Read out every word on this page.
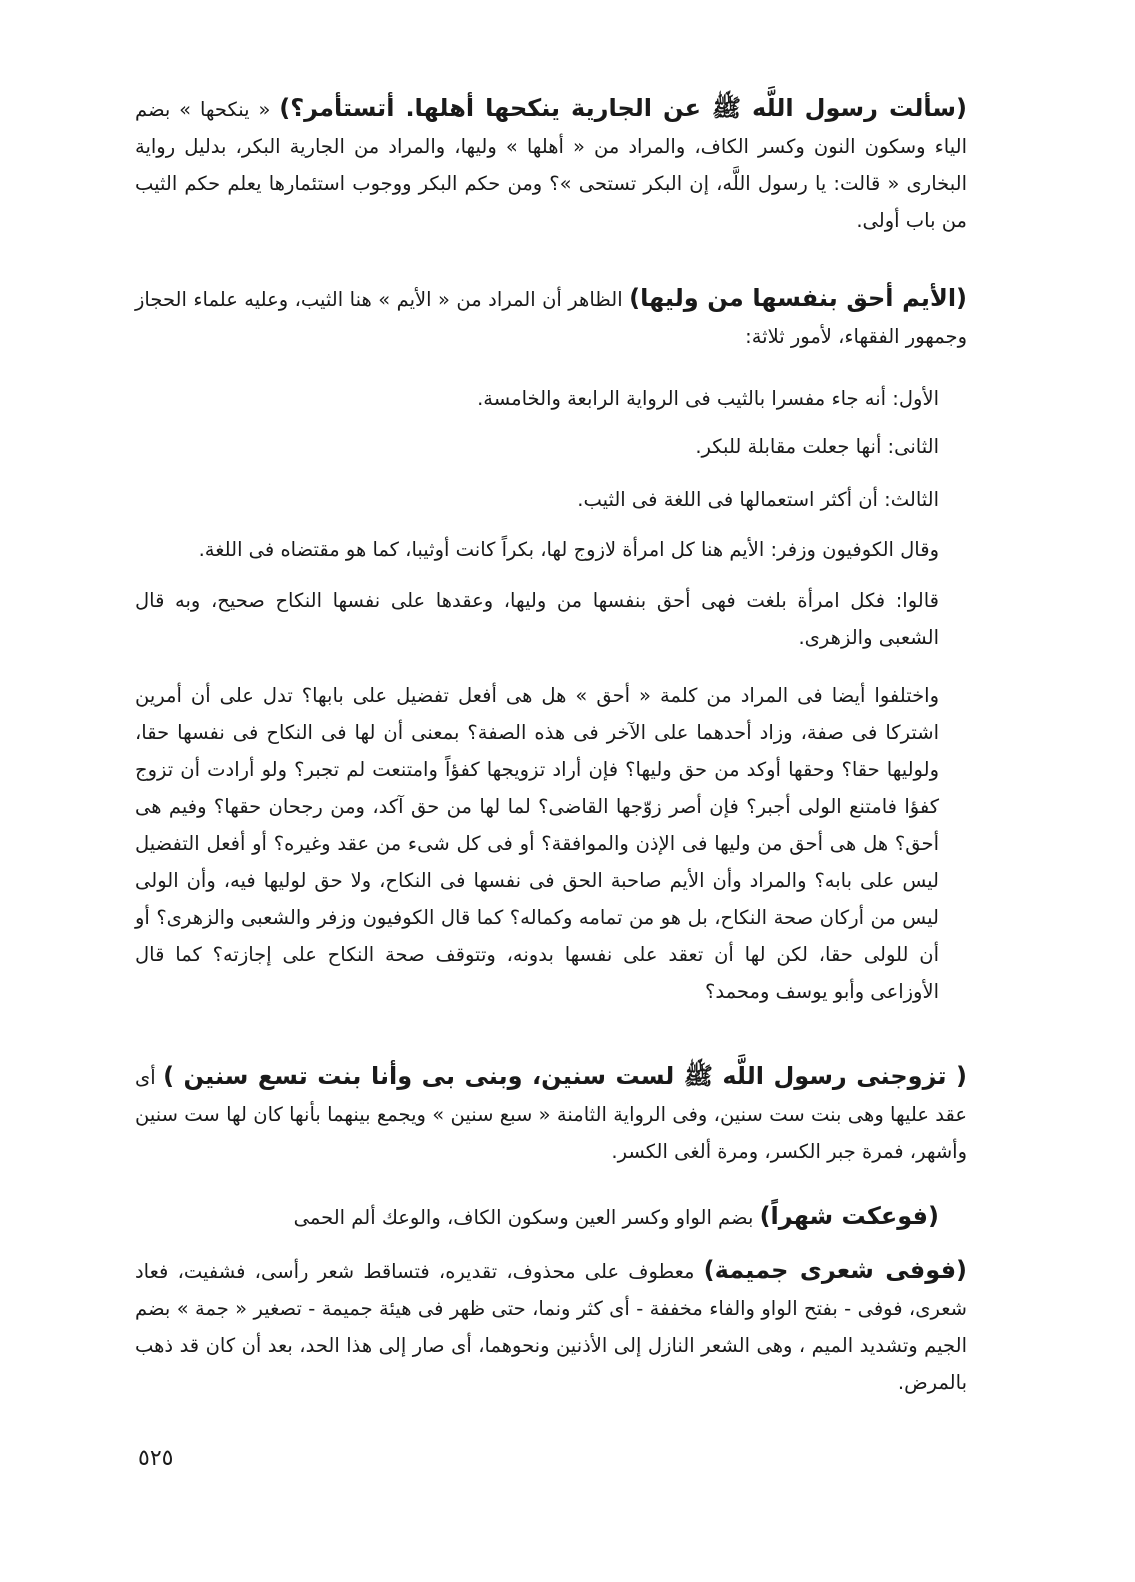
(سألت رسول اللَّه ﷺ عن الجارية ينكحها أهلها. أتستأمر؟) « ينكحها » بضم الياء وسكون النون وكسر الكاف، والمراد من « أهلها » وليها، والمراد من الجارية البكر، بدليل رواية البخارى « قالت: يا رسول اللَّه، إن البكر تستحى »؟ ومن حكم البكر ووجوب استئمارها يعلم حكم الثيب من باب أولى.

(الأيم أحق بنفسها من وليها) الظاهر أن المراد من « الأيم » هنا الثيب، وعليه علماء الحجاز وجمهور الفقهاء، لأمور ثلاثة:

الأول: أنه جاء مفسرا بالثيب فى الرواية الرابعة والخامسة.

الثانى: أنها جعلت مقابلة للبكر.

الثالث: أن أكثر استعمالها فى اللغة فى الثيب.

وقال الكوفيون وزفر: الأيم هنا كل امرأة لازوج لها، بكراً كانت أوثيبا، كما هو مقتضاه فى اللغة.

قالوا: فكل امرأة بلغت فهى أحق بنفسها من وليها، وعقدها على نفسها النكاح صحيح، وبه قال الشعبى والزهرى.

واختلفوا أيضا فى المراد من كلمة « أحق » هل هى أفعل تفضيل على بابها؟ تدل على أن أمرين اشتركا فى صفة، وزاد أحدهما على الآخر فى هذه الصفة؟ بمعنى أن لها فى النكاح فى نفسها حقا، ولوليها حقا؟ وحقها أوكد من حق وليها؟ فإن أراد تزويجها كفؤاً وامتنعت لم تجبر؟ ولو أرادت أن تزوج كفؤا فامتنع الولى أجبر؟ فإن أصر زوّجها القاضى؟ لما لها من حق آكد، ومن رجحان حقها؟ وفيم هى أحق؟ هل هى أحق من وليها فى الإذن والموافقة؟ أو فى كل شىء من عقد وغيره؟ أو أفعل التفضيل ليس على بابه؟ والمراد وأن الأيم صاحبة الحق فى نفسها فى النكاح، ولا حق لوليها فيه، وأن الولى ليس من أركان صحة النكاح، بل هو من تمامه وكماله؟ كما قال الكوفيون وزفر والشعبى والزهرى؟ أو أن للولى حقا، لكن لها أن تعقد على نفسها بدونه، وتتوقف صحة النكاح على إجازته؟ كما قال الأوزاعى وأبو يوسف ومحمد؟

( تزوجنى رسول اللَّه ﷺ لست سنين، وبنى بى وأنا بنت تسع سنين ) أى عقد عليها وهى بنت ست سنين، وفى الرواية الثامنة « سبع سنين » ويجمع بينهما بأنها كان لها ست سنين وأشهر، فمرة جبر الكسر، ومرة ألغى الكسر.

(فوعكت شهراً) بضم الواو وكسر العين وسكون الكاف، والوعك ألم الحمى

(فوفى شعرى جميمة) معطوف على محذوف، تقديره، فتساقط شعر رأسى، فشفيت، فعاد شعرى، فوفى - بفتح الواو والفاء مخففة - أى كثر ونما، حتى ظهر فى هيئة جميمة - تصغير « جمة » بضم الجيم وتشديد الميم ، وهى الشعر النازل إلى الأذنين ونحوهما، أى صار إلى هذا الحد، بعد أن كان قد ذهب بالمرض.

٥٢٥
